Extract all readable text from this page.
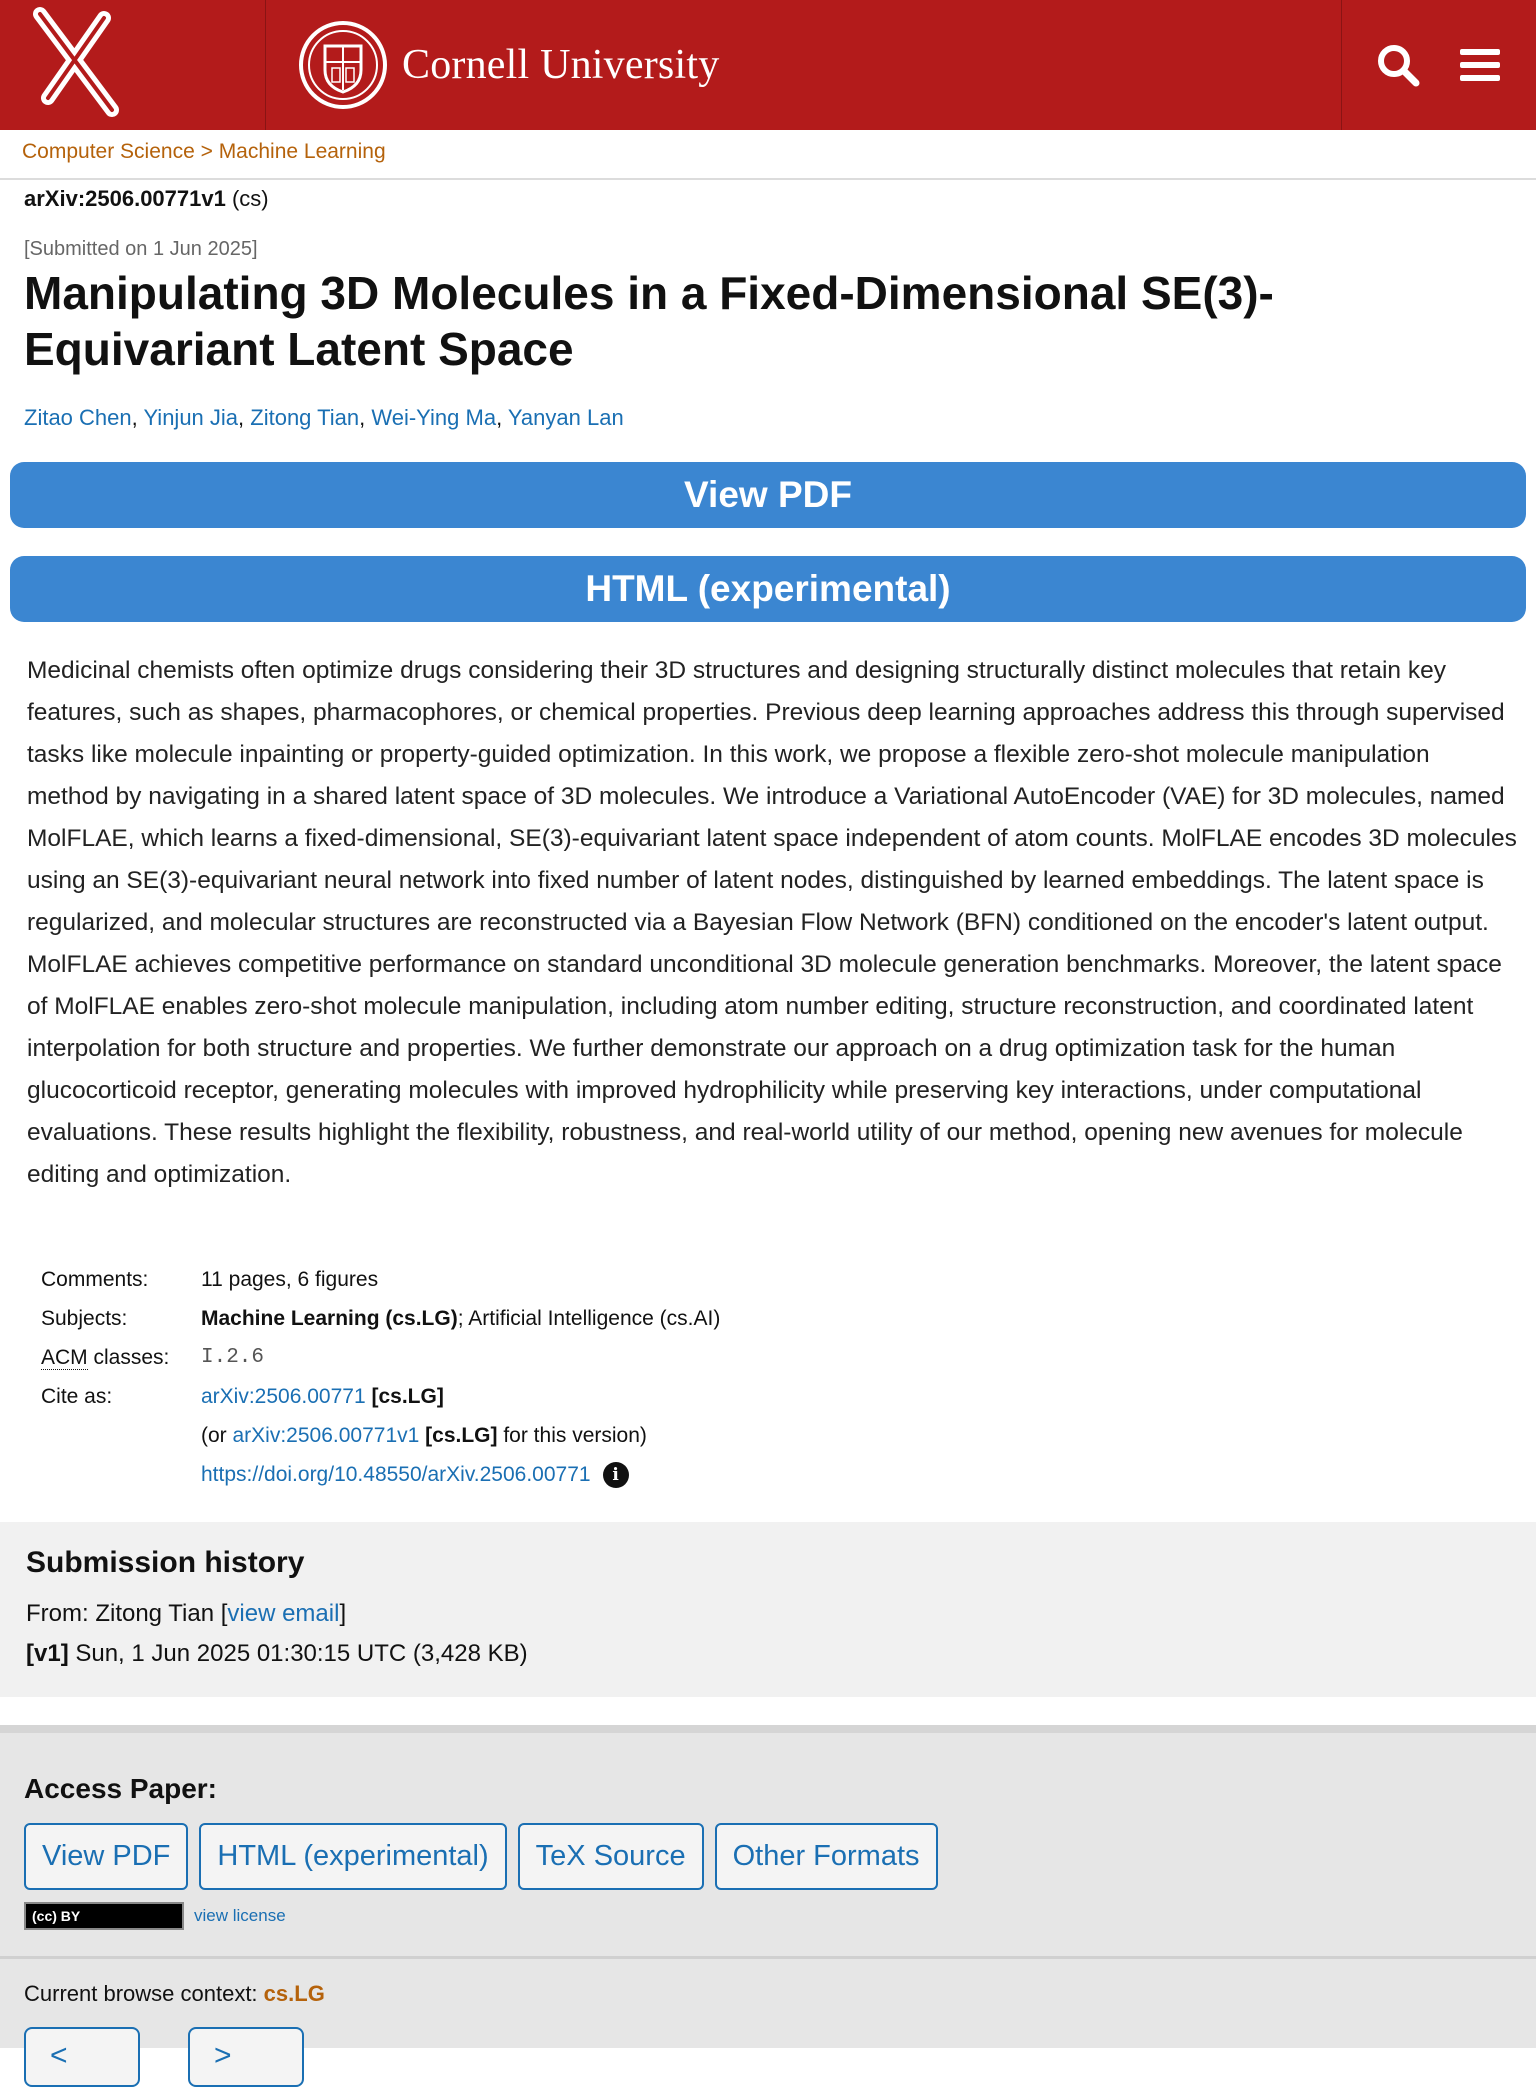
Cornell University
Computer Science > Machine Learning
arXiv:2506.00771v1 (cs)
[Submitted on 1 Jun 2025]
Manipulating 3D Molecules in a Fixed-Dimensional SE(3)-Equivariant Latent Space
Zitao Chen, Yinjun Jia, Zitong Tian, Wei-Ying Ma, Yanyan Lan
View PDF
HTML (experimental)
Medicinal chemists often optimize drugs considering their 3D structures and designing structurally distinct molecules that retain key features, such as shapes, pharmacophores, or chemical properties. Previous deep learning approaches address this through supervised tasks like molecule inpainting or property-guided optimization. In this work, we propose a flexible zero-shot molecule manipulation method by navigating in a shared latent space of 3D molecules. We introduce a Variational AutoEncoder (VAE) for 3D molecules, named MolFLAE, which learns a fixed-dimensional, SE(3)-equivariant latent space independent of atom counts. MolFLAE encodes 3D molecules using an SE(3)-equivariant neural network into fixed number of latent nodes, distinguished by learned embeddings. The latent space is regularized, and molecular structures are reconstructed via a Bayesian Flow Network (BFN) conditioned on the encoder's latent output. MolFLAE achieves competitive performance on standard unconditional 3D molecule generation benchmarks. Moreover, the latent space of MolFLAE enables zero-shot molecule manipulation, including atom number editing, structure reconstruction, and coordinated latent interpolation for both structure and properties. We further demonstrate our approach on a drug optimization task for the human glucocorticoid receptor, generating molecules with improved hydrophilicity while preserving key interactions, under computational evaluations. These results highlight the flexibility, robustness, and real-world utility of our method, opening new avenues for molecule editing and optimization.
Comments:	11 pages, 6 figures
Subjects:	Machine Learning (cs.LG); Artificial Intelligence (cs.AI)
ACM classes:	I.2.6
Cite as:	arXiv:2506.00771 [cs.LG]
(or arXiv:2506.00771v1 [cs.LG] for this version)
https://doi.org/10.48550/arXiv.2506.00771 i
Submission history

From: Zitong Tian [view email]

[v1] Sun, 1 Jun 2025 01:30:15 UTC (3,428 KB)

Access Paper:
View PDF	HTML (experimental)	TeX Source	Other Formats
(cc) BY	view license
Current browse context: cs.LG
<	>
